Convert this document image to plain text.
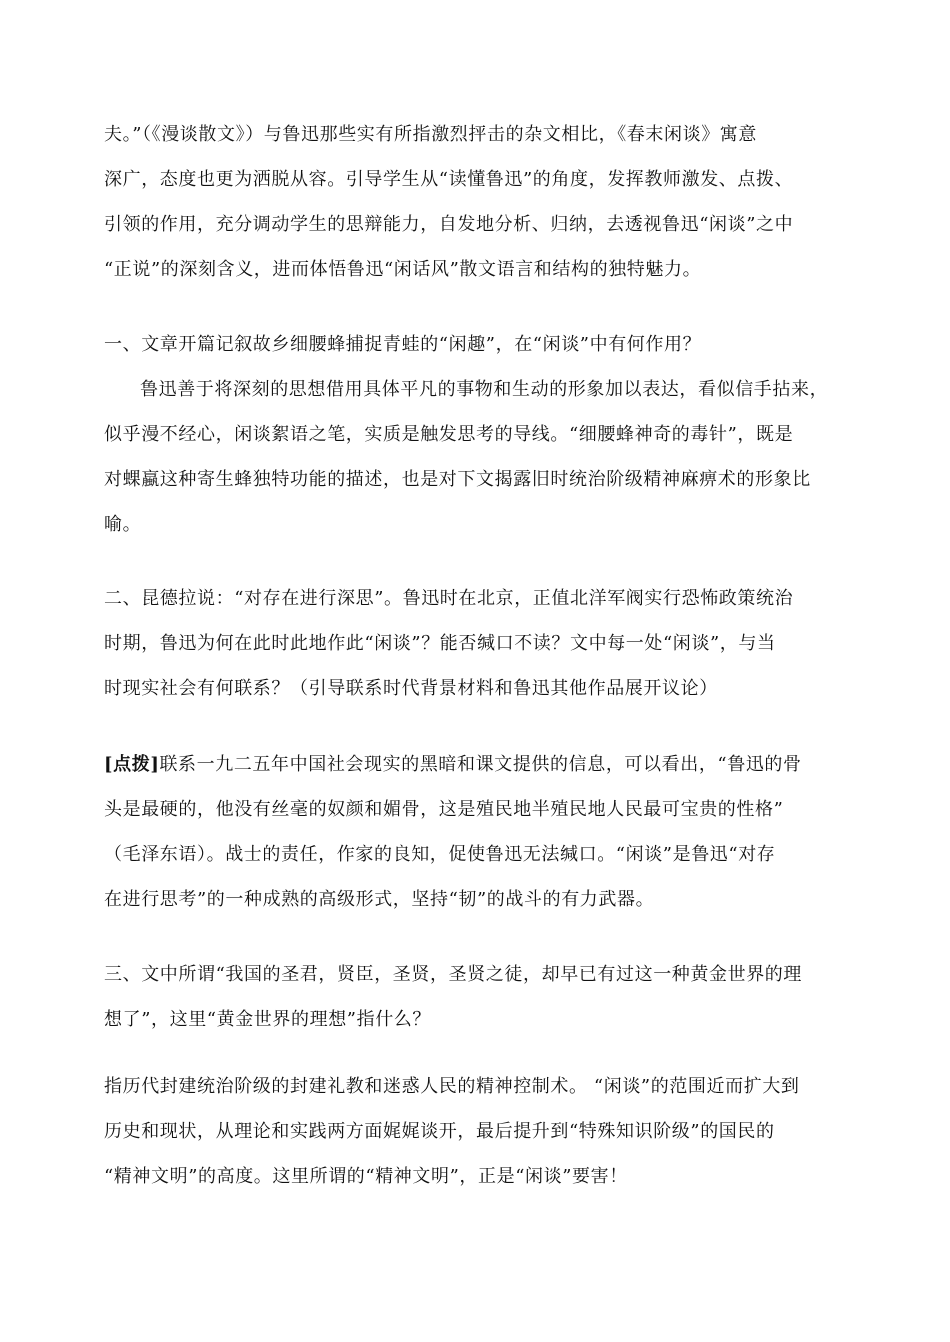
夫。”（《漫谈散文》）与鲁迅那些实有所指激烈抨击的杂文相比，《春末闲谈》寓意
深广，态度也更为洒脱从容。引导学生从“读懂鲁迅”的角度，发挥教师激发、点拨、
引领的作用，充分调动学生的思辩能力，自发地分析、归纳，去透视鲁迅“闲谈”之中
“正说”的深刻含义，进而体悟鲁迅“闲话风”散文语言和结构的独特魅力。
一、文章开篇记叙故乡细腰蜂捕捉青蛙的“闲趣”，在“闲谈”中有何作用？
鲁迅善于将深刻的思想借用具体平凡的事物和生动的形象加以表达，看似信手拈来，
似乎漫不经心，闲谈絮语之笔，实质是触发思考的导线。“细腰蜂神奇的毒针”，既是
对蜾蠃这种寄生蜂独特功能的描述，也是对下文揭露旧时统治阶级精神麻痹术的形象比
喻。
二、昆德拉说：“对存在进行深思”。鲁迅时在北京，正值北洋军阀实行恐怖政策统治
时期，鲁迅为何在此时此地作此“闲谈”？能否缄口不读？文中每一处“闲谈”，与当
时现实社会有何联系？（引导联系时代背景材料和鲁迅其他作品展开议论）
[点拨]联系一九二五年中国社会现实的黑暗和课文提供的信息，可以看出，“鲁迅的骨
头是最硬的，他没有丝毫的奴颜和媚骨，这是殖民地半殖民地人民最可宝贵的性格”
（毛泽东语）。战士的责任，作家的良知，促使鲁迅无法缄口。“闲谈”是鲁迅“对存
在进行思考”的一种成熟的高级形式，坚持“韧”的战斗的有力武器。
三、文中所谓“我国的圣君，贤臣，圣贤，圣贤之徒，却早已有过这一种黄金世界的理
想了”，这里“黄金世界的理想”指什么？
指历代封建统治阶级的封建礼教和迷惑人民的精神控制术。 “闲谈”的范围近而扩大到
历史和现状，从理论和实践两方面娓娓谈开，最后提升到“特殊知识阶级”的国民的
“精神文明”的高度。这里所谓的“精神文明”，正是“闲谈”要害！
